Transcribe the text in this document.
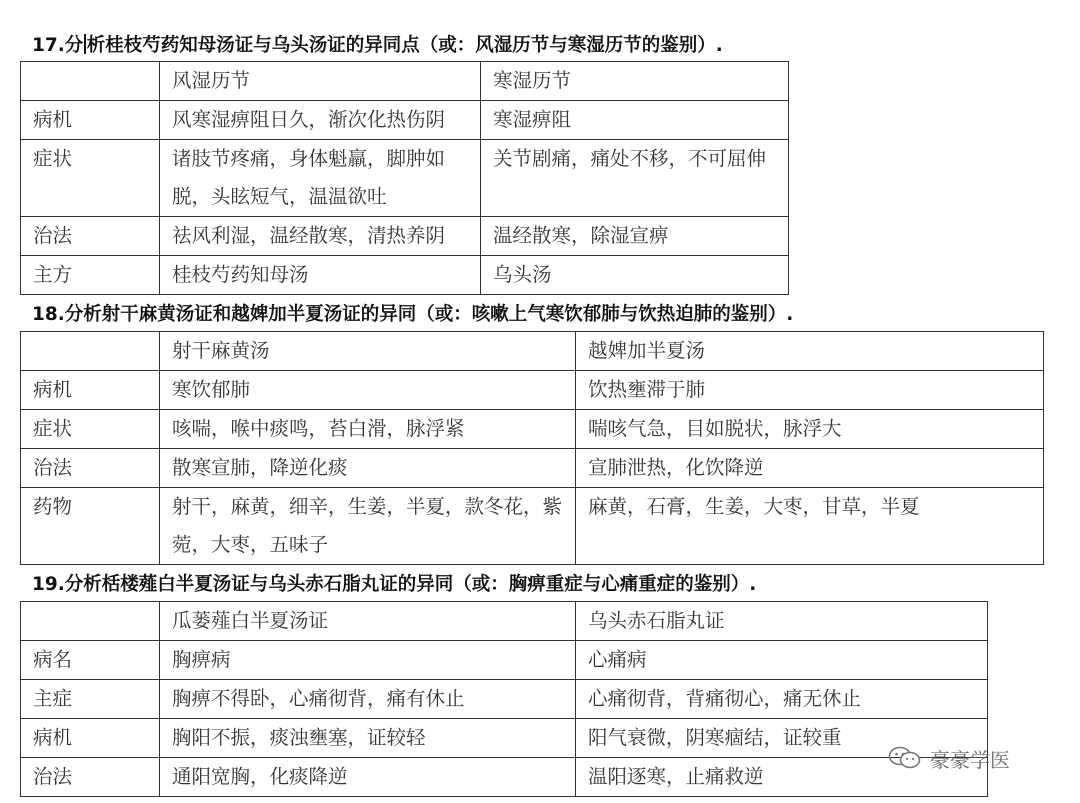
17.分 析桂枝芍药知母汤证与乌头汤证的异同点（或：风湿历节与寒湿历节的鉴别）.
	风湿历节	寒湿历节
病机	风寒湿痹阻日久，渐次化热伤阴	寒湿痹阻
症状	诸肢节疼痛，身体魁羸，脚肿如脱，头眩短气，温温欲吐	关节剧痛，痛处不移，不可屈伸
治法	祛风利湿，温经散寒，清热养阴	温经散寒，除湿宣痹
主方	桂枝芍药知母汤	乌头汤
18.分析射干麻黄汤证和越婢加半夏汤证的异同（或：咳嗽上气寒饮郁肺与饮热迫肺的鉴别）.
	射干麻黄汤	越婢加半夏汤
病机	寒饮郁肺	饮热壅滞于肺
症状	咳喘，喉中痰鸣，苔白滑，脉浮紧	喘咳气急，目如脱状，脉浮大
治法	散寒宣肺，降逆化痰	宣肺泄热，化饮降逆
药物	射干，麻黄，细辛，生姜，半夏，款冬花，紫菀，大枣，五味子	麻黄，石膏，生姜，大枣，甘草，半夏
19.分析栝楼薤白半夏汤证与乌头赤石脂丸证的异同（或：胸痹重症与心痛重症的鉴别）.
	瓜蒌薤白半夏汤证	乌头赤石脂丸证
病名	胸痹病	心痛病
主症	胸痹不得卧，心痛彻背，痛有休止	心痛彻背，背痛彻心，痛无休止
病机	胸阳不振，痰浊壅塞，证较轻	阳气衰微，阴寒痼结，证较重
治法	通阳宽胸，化痰降逆	温阳逐寒，止痛救逆
豪豪学医
